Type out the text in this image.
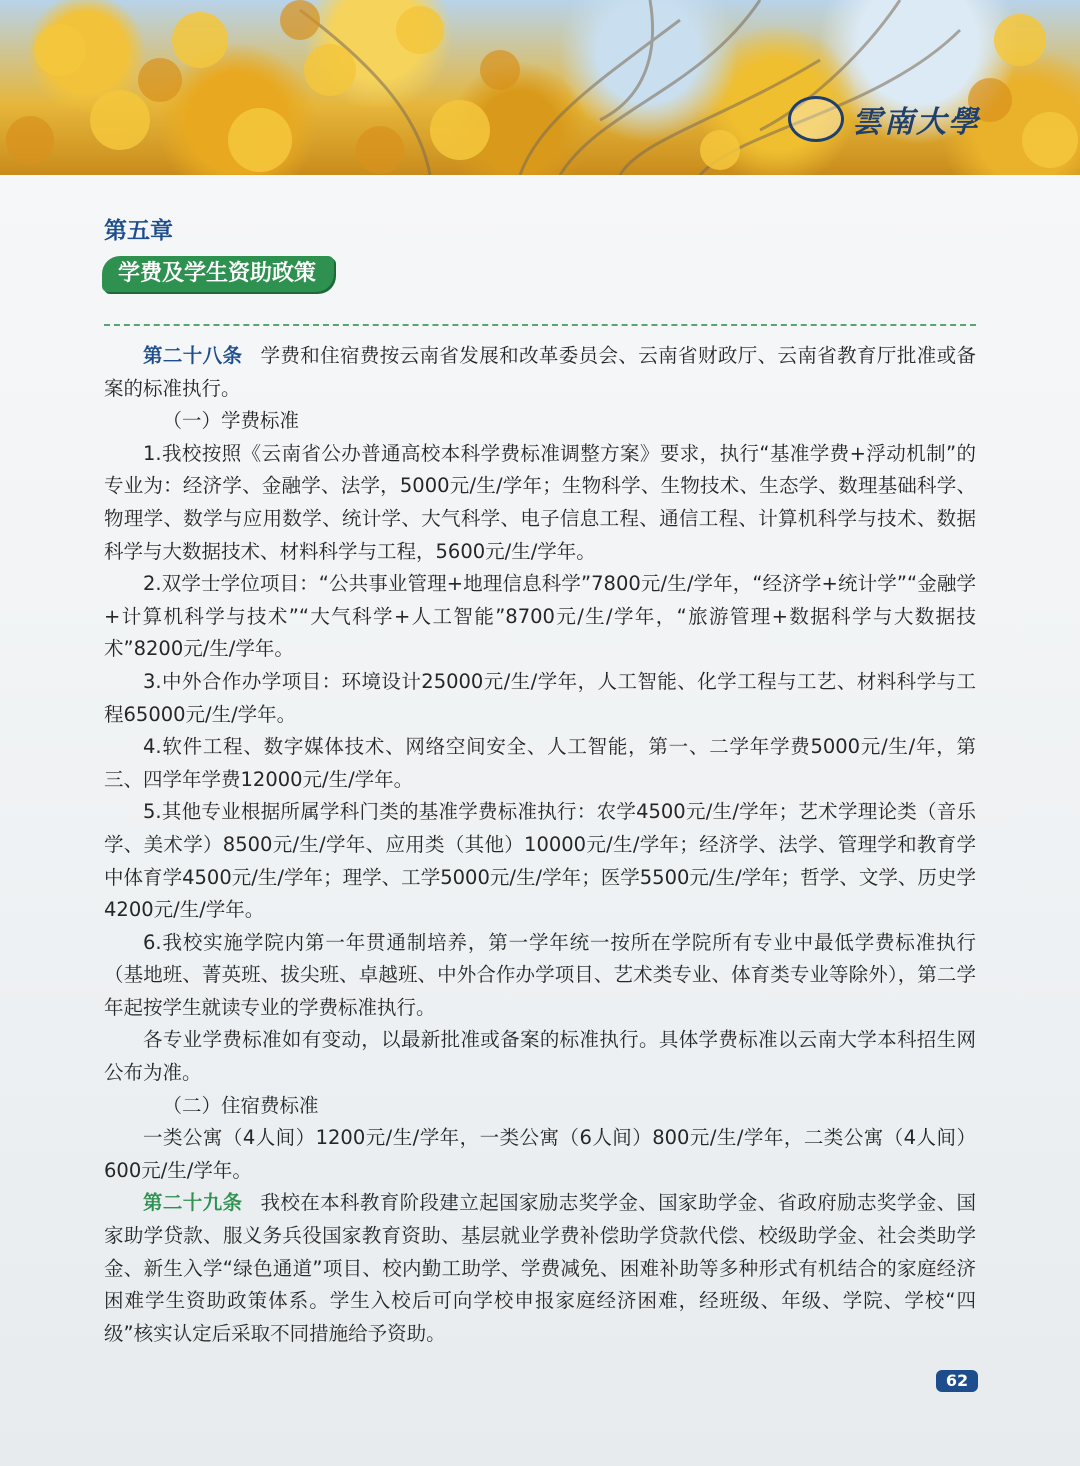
雲南大學
第五章
学费及学生资助政策

第二十八条 学费和住宿费按云南省发展和改革委员会、云南省财政厅、云南省教育厅批准或备案的标准执行。

（一）学费标准

1.我校按照《云南省公办普通高校本科学费标准调整方案》要求，执行“基准学费+浮动机制”的专业为：经济学、金融学、法学，5000元/生/学年；生物科学、生物技术、生态学、数理基础科学、物理学、数学与应用数学、统计学、大气科学、电子信息工程、通信工程、计算机科学与技术、数据科学与大数据技术、材料科学与工程，5600元/生/学年。

2.双学士学位项目：“公共事业管理+地理信息科学”7800元/生/学年，“经济学+统计学”“金融学+计算机科学与技术”“大气科学+人工智能”8700元/生/学年，“旅游管理+数据科学与大数据技术”8200元/生/学年。

3.中外合作办学项目：环境设计25000元/生/学年，人工智能、化学工程与工艺、材料科学与工程65000元/生/学年。

4.软件工程、数字媒体技术、网络空间安全、人工智能，第一、二学年学费5000元/生/年，第三、四学年学费12000元/生/学年。

5.其他专业根据所属学科门类的基准学费标准执行：农学4500元/生/学年；艺术学理论类（音乐学、美术学）8500元/生/学年、应用类（其他）10000元/生/学年；经济学、法学、管理学和教育学中体育学4500元/生/学年；理学、工学5000元/生/学年；医学5500元/生/学年；哲学、文学、历史学4200元/生/学年。

6.我校实施学院内第一年贯通制培养，第一学年统一按所在学院所有专业中最低学费标准执行（基地班、菁英班、拔尖班、卓越班、中外合作办学项目、艺术类专业、体育类专业等除外），第二学年起按学生就读专业的学费标准执行。

各专业学费标准如有变动，以最新批准或备案的标准执行。具体学费标准以云南大学本科招生网公布为准。

（二）住宿费标准

一类公寓（4人间）1200元/生/学年，一类公寓（6人间）800元/生/学年，二类公寓（4人间）600元/生/学年。

第二十九条 我校在本科教育阶段建立起国家励志奖学金、国家助学金、省政府励志奖学金、国家助学贷款、服义务兵役国家教育资助、基层就业学费补偿助学贷款代偿、校级助学金、社会类助学金、新生入学“绿色通道”项目、校内勤工助学、学费减免、困难补助等多种形式有机结合的家庭经济困难学生资助政策体系。学生入校后可向学校申报家庭经济困难，经班级、年级、学院、学校“四级”核实认定后采取不同措施给予资助。

62
